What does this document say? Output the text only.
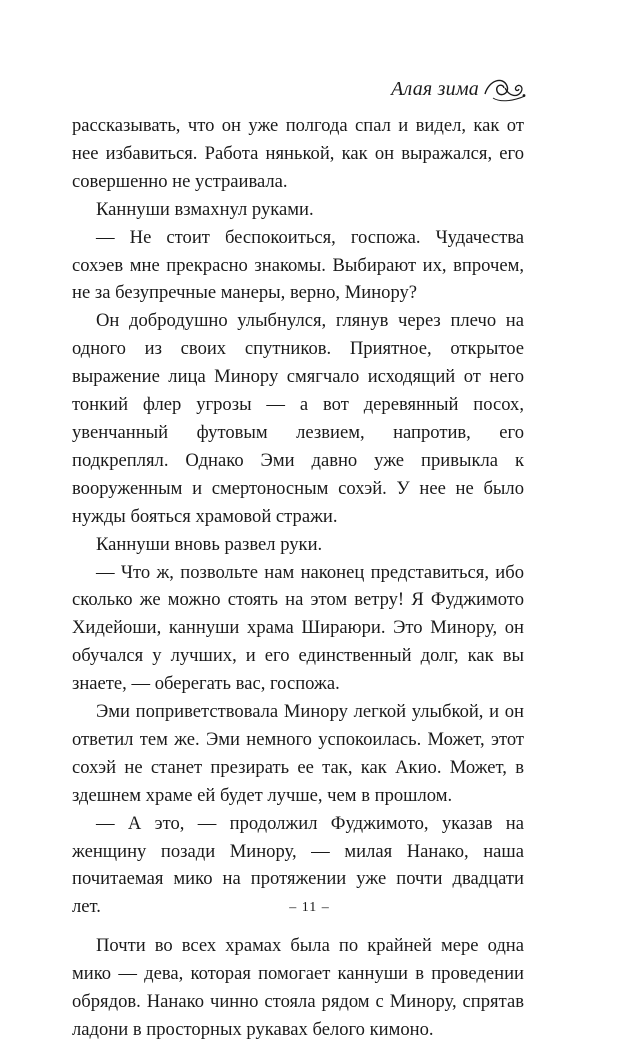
Алая зима

рассказывать, что он уже полгода спал и видел, как от нее избавиться. Работа нянькой, как он выражался, его совершенно не устраивала.

Каннуши взмахнул руками.

— Не стоит беспокоиться, госпожа. Чудачества сохэев мне прекрасно знакомы. Выбирают их, впрочем, не за безупречные манеры, верно, Минору?

Он добродушно улыбнулся, глянув через плечо на одного из своих спутников. Приятное, открытое выражение лица Минору смягчало исходящий от него тонкий флер угрозы — а вот деревянный посох, увенчанный футовым лезвием, напротив, его подкреплял. Однако Эми давно уже привыкла к вооруженным и смертоносным сохэй. У нее не было нужды бояться храмовой стражи.

Каннуши вновь развел руки.

— Что ж, позвольте нам наконец представиться, ибо сколько же можно стоять на этом ветру! Я Фуджимото Хидейоши, каннуши храма Шираюри. Это Минору, он обучался у лучших, и его единственный долг, как вы знаете, — оберегать вас, госпожа.

Эми поприветствовала Минору легкой улыбкой, и он ответил тем же. Эми немного успокоилась. Может, этот сохэй не станет презирать ее так, как Акио. Может, в здешнем храме ей будет лучше, чем в прошлом.

— А это, — продолжил Фуджимото, указав на женщину позади Минору, — милая Нанако, наша почитаемая мико на протяжении уже почти двадцати лет.

Почти во всех храмах была по крайней мере одна мико — дева, которая помогает каннуши в проведении обрядов. Нанако чинно стояла рядом с Минору, спрятав ладони в просторных рукавах белого кимоно.

– 11 –
